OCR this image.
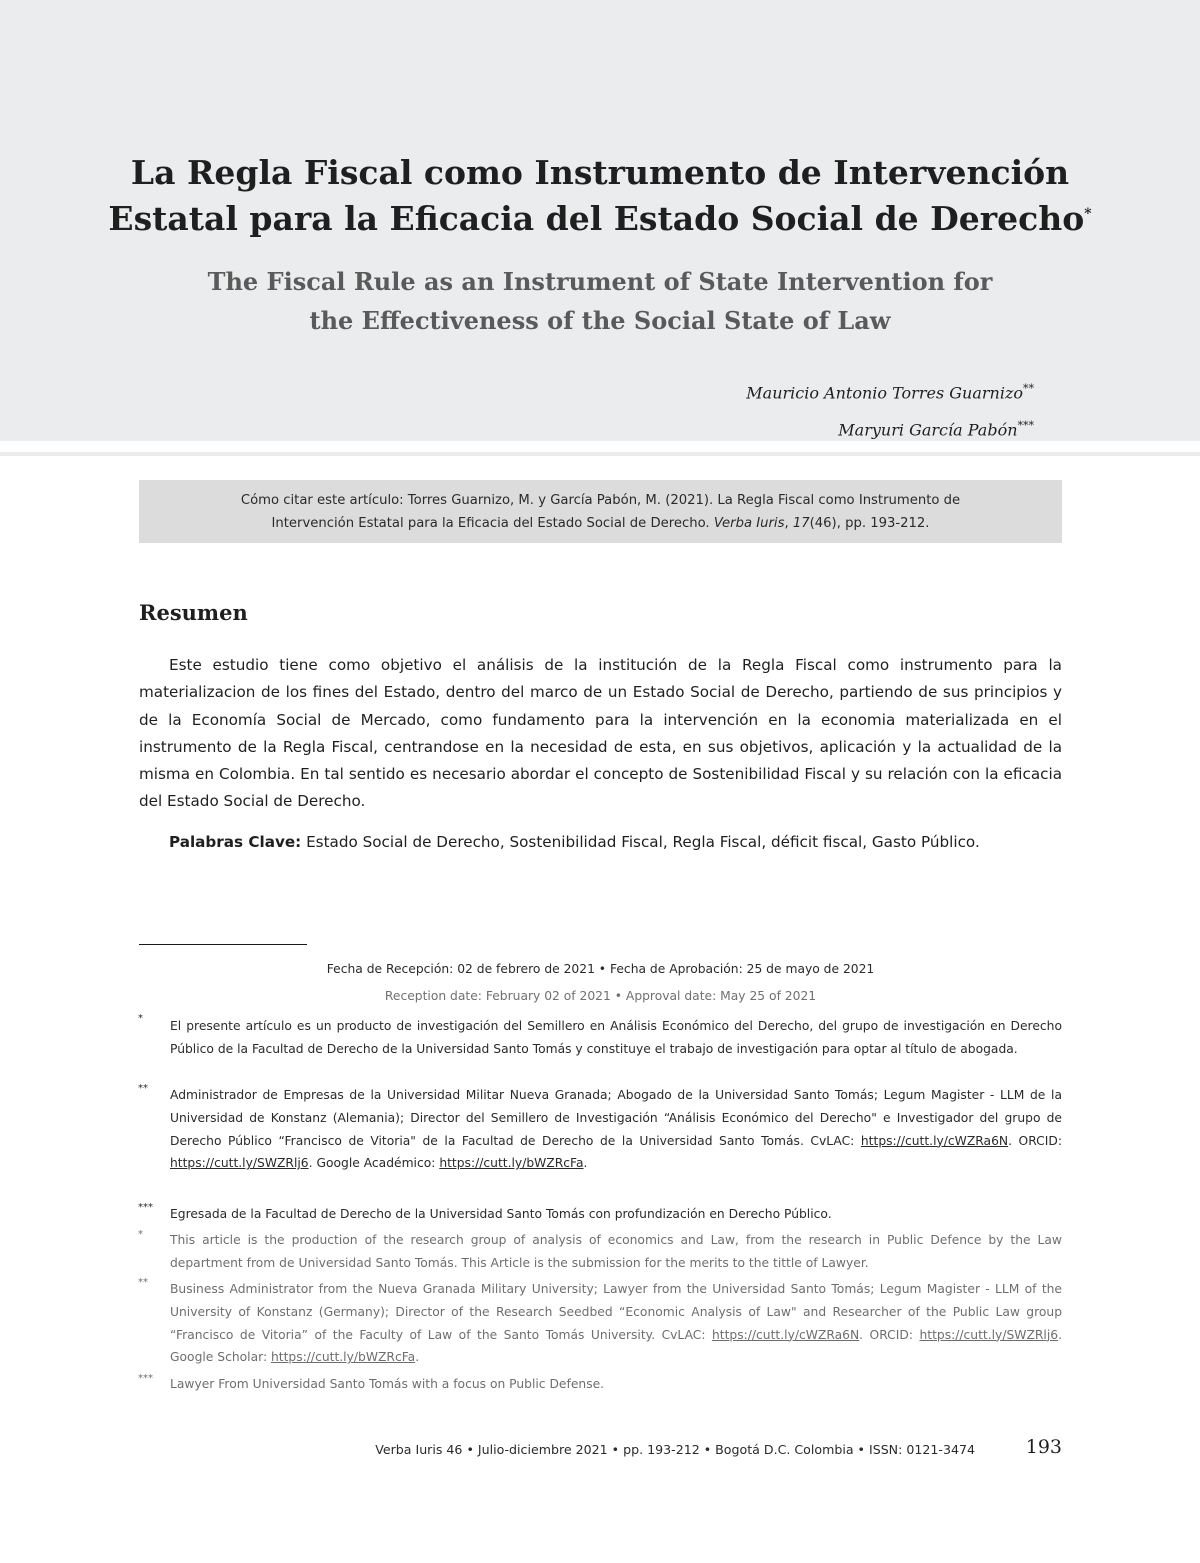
La Regla Fiscal como Instrumento de Intervención
Estatal para la Eficacia del Estado Social de Derecho*
The Fiscal Rule as an Instrument of State Intervention for
the Effectiveness of the Social State of Law
Mauricio Antonio Torres Guarnizo**
Maryuri García Pabón***
Cómo citar este artículo: Torres Guarnizo, M. y García Pabón, M. (2021). La Regla Fiscal como Instrumento de
Intervención Estatal para la Eficacia del Estado Social de Derecho. Verba Iuris, 17(46), pp. 193-212.
Resumen

Este estudio tiene como objetivo el análisis de la institución de la Regla Fiscal como instrumento para la materializacion de los fines del Estado, dentro del marco de un Estado Social de Derecho, partiendo de sus principios y de la Economía Social de Mercado, como fundamento para la intervención en la economia materializada en el instrumento de la Regla Fiscal, centrandose en la necesidad de esta, en sus objetivos, aplicación y la actualidad de la misma en Colombia. En tal sentido es necesario abordar el concepto de Sostenibilidad Fiscal y su relación con la eficacia del Estado Social de Derecho.

Palabras Clave: Estado Social de Derecho, Sostenibilidad Fiscal, Regla Fiscal, déficit fiscal, Gasto Público.

Fecha de Recepción: 02 de febrero de 2021 • Fecha de Aprobación: 25 de mayo de 2021

Reception date: February 02 of 2021 • Approval date: May 25 of 2021

*

El presente artículo es un producto de investigación del Semillero en Análisis Económico del Derecho, del grupo de investigación en Derecho Público de la Facultad de Derecho de la Universidad Santo Tomás y constituye el trabajo de investigación para optar al título de abogada.

**	Administrador de Empresas de la Universidad Militar Nueva Granada; Abogado de la Universidad Santo Tomás; Legum Magister - LLM de la Universidad de Konstanz (Alemania); Director del Semillero de Investigación “Análisis Económico del Derecho" e Investigador del grupo de Derecho Público “Francisco de Vitoria" de la Facultad de Derecho de la Universidad Santo Tomás. CvLAC: https://cutt.ly/cWZRa6N. ORCID: https://cutt.ly/SWZRlj6. Google Académico: https://cutt.ly/bWZRcFa.

***	Egresada de la Facultad de Derecho de la Universidad Santo Tomás con profundización en Derecho Público.

*	This article is the production of the research group of analysis of economics and Law, from the research in Public Defence by the Law department from de Universidad Santo Tomás. This Article is the submission for the merits to the tittle of Lawyer.

**	Business Administrator from the Nueva Granada Military University; Lawyer from the Universidad Santo Tomás; Legum Magister - LLM of the University of Konstanz (Germany); Director of the Research Seedbed “Economic Analysis of Law" and Researcher of the Public Law group “Francisco de Vitoria” of the Faculty of Law of the Santo Tomás University. CvLAC: https://cutt.ly/cWZRa6N. ORCID: https://cutt.ly/SWZRlj6. Google Scholar: https://cutt.ly/bWZRcFa.

***	Lawyer From Universidad Santo Tomás with a focus on Public Defense.

Verba Iuris 46 • Julio-diciembre 2021 • pp. 193-212 • Bogotá D.C. Colombia • ISSN: 0121-3474	193
